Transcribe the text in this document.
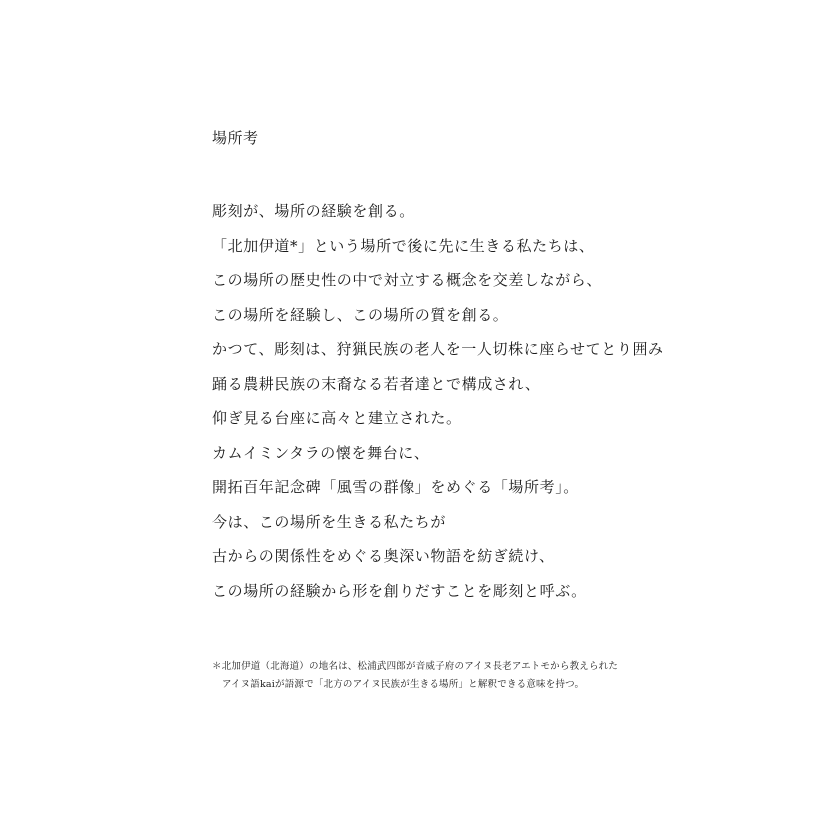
場所考
彫刻が、場所の経験を創る。
「北加伊道*」という場所で後に先に生きる私たちは、
この場所の歴史性の中で対立する概念を交差しながら、
この場所を経験し、この場所の質を創る。
かつて、彫刻は、狩猟民族の老人を一人切株に座らせてとり囲み
踊る農耕民族の末裔なる若者達とで構成され、
仰ぎ見る台座に高々と建立された。
カムイミンタラの懐を舞台に、
開拓百年記念碑「風雪の群像」をめぐる「場所考」。
今は、この場所を生きる私たちが
古からの関係性をめぐる奥深い物語を紡ぎ続け、
この場所の経験から形を創りだすことを彫刻と呼ぶ。
＊北加伊道（北海道）の地名は、松浦武四郎が音威子府のアイヌ長老アエトモから教えられた
アイヌ語kaiが語源で「北方のアイヌ民族が生きる場所」と解釈できる意味を持つ。
